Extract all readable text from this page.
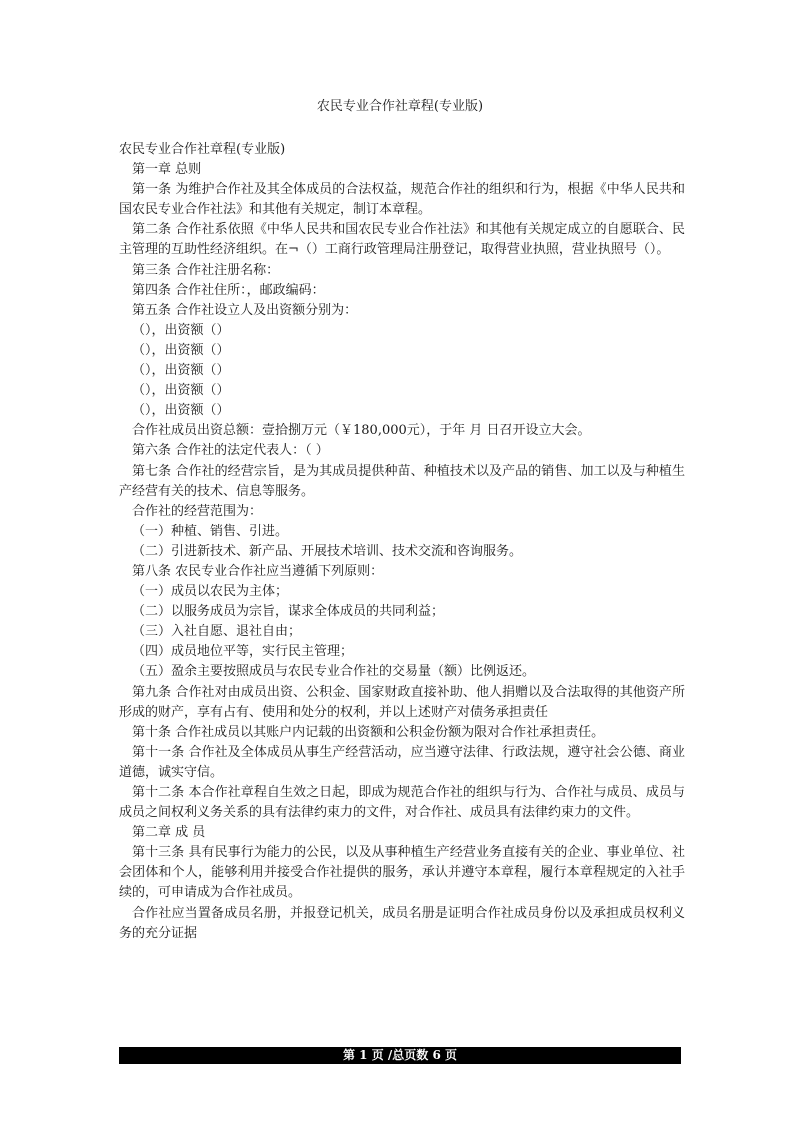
农民专业合作社章程(专业版)

农民专业合作社章程(专业版)

第一章 总则

第一条 为维护合作社及其全体成员的合法权益，规范合作社的组织和行为，根据《中华人民共和国农民专业合作社法》和其他有关规定，制订本章程。

第二条 合作社系依照《中华人民共和国农民专业合作社法》和其他有关规定成立的自愿联合、民主管理的互助性经济组织。在¬（）工商行政管理局注册登记，取得营业执照，营业执照号（）。

第三条 合作社注册名称：

第四条 合作社住所：，邮政编码：

第五条 合作社设立人及出资额分别为：

（），出资额（）

（），出资额（）

（），出资额（）

（），出资额（）

（），出资额（）

合作社成员出资总额：壹拾捌万元（￥180,000元），于年 月 日召开设立大会。

第六条 合作社的法定代表人：（ ）

第七条 合作社的经营宗旨，是为其成员提供种苗、种植技术以及产品的销售、加工以及与种植生产经营有关的技术、信息等服务。

合作社的经营范围为：

（一）种植、销售、引进。

（二）引进新技术、新产品、开展技术培训、技术交流和咨询服务。

第八条 农民专业合作社应当遵循下列原则：

（一）成员以农民为主体；

（二）以服务成员为宗旨，谋求全体成员的共同利益；

（三）入社自愿、退社自由；

（四）成员地位平等，实行民主管理；

（五）盈余主要按照成员与农民专业合作社的交易量（额）比例返还。

第九条 合作社对由成员出资、公积金、国家财政直接补助、他人捐赠以及合法取得的其他资产所形成的财产，享有占有、使用和处分的权利，并以上述财产对债务承担责任

第十条 合作社成员以其账户内记载的出资额和公积金份额为限对合作社承担责任。

第十一条 合作社及全体成员从事生产经营活动，应当遵守法律、行政法规，遵守社会公德、商业道德，诚实守信。

第十二条 本合作社章程自生效之日起，即成为规范合作社的组织与行为、合作社与成员、成员与成员之间权利义务关系的具有法律约束力的文件，对合作社、成员具有法律约束力的文件。

第二章 成 员

第十三条 具有民事行为能力的公民，以及从事种植生产经营业务直接有关的企业、事业单位、社会团体和个人，能够利用并接受合作社提供的服务，承认并遵守本章程，履行本章程规定的入社手续的，可申请成为合作社成员。

合作社应当置备成员名册，并报登记机关，成员名册是证明合作社成员身份以及承担成员权利义务的充分证据

第 1 页 /总页数 6 页
